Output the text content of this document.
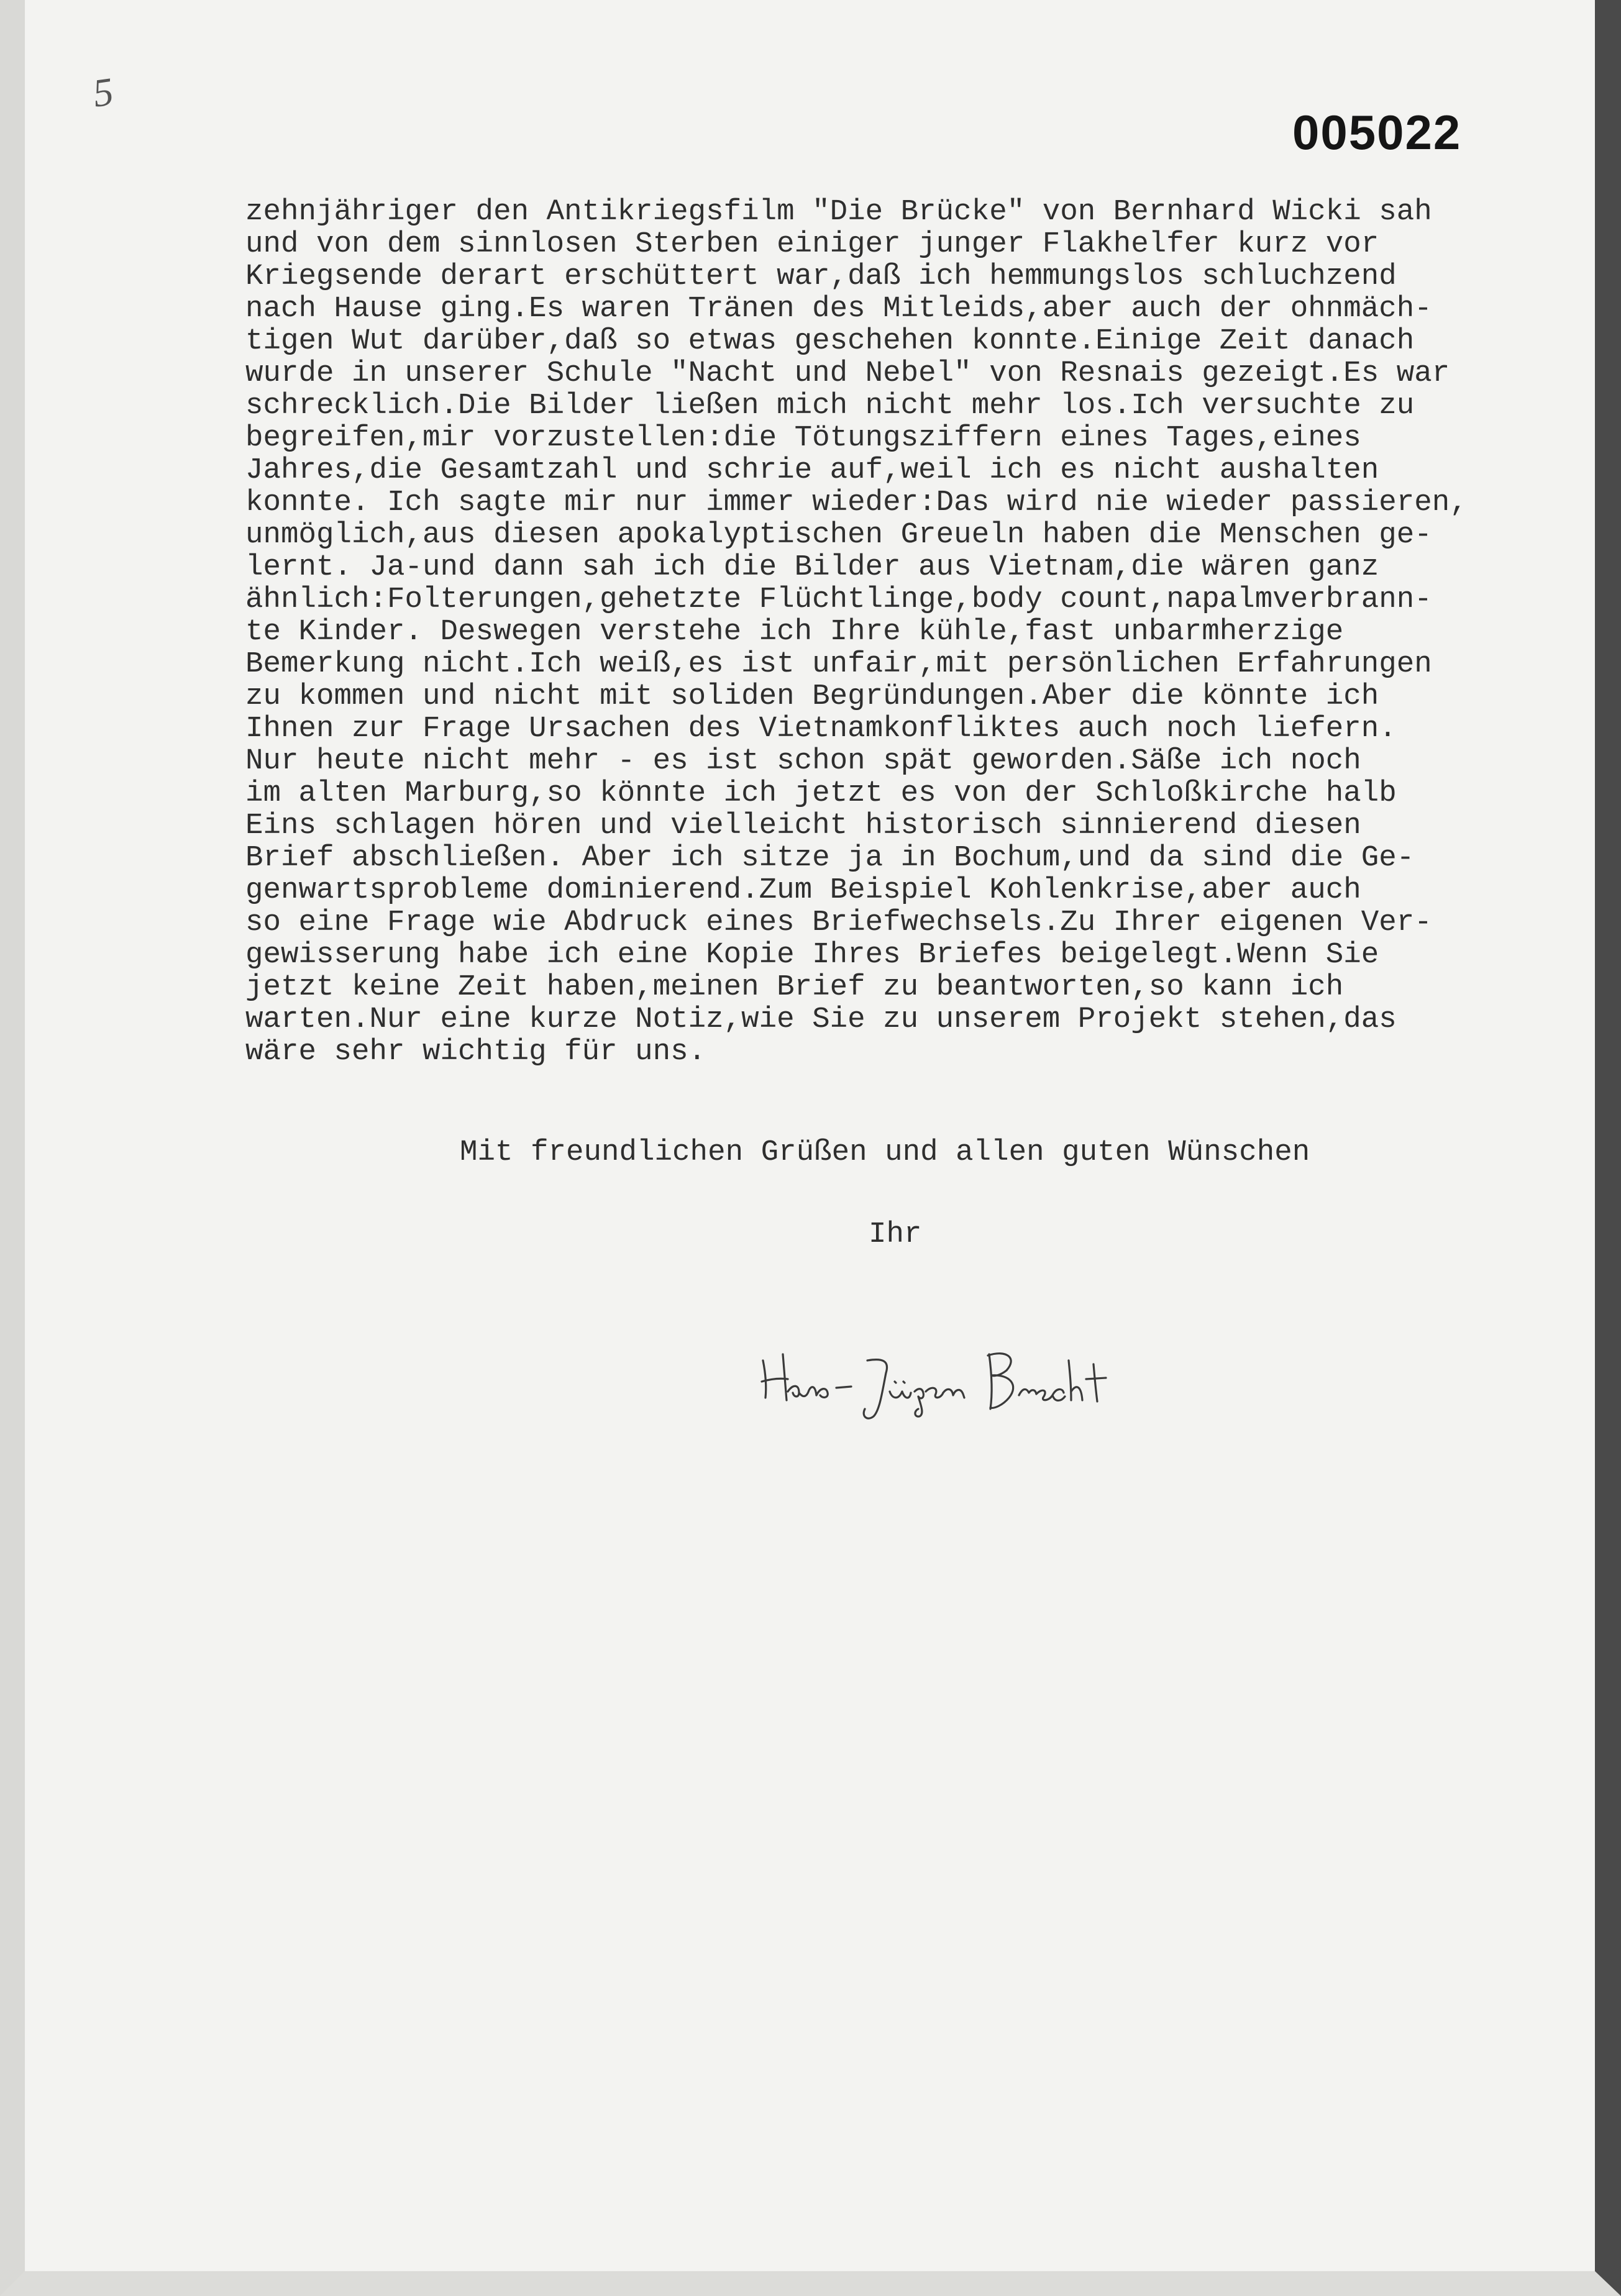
5
005022
zehnjähriger den Antikriegsfilm "Die Brücke" von Bernhard Wicki sah
und von dem sinnlosen Sterben einiger junger Flakhelfer kurz vor
Kriegsende derart erschüttert war,daß ich hemmungslos schluchzend
nach Hause ging.Es waren Tränen des Mitleids,aber auch der ohnmäch-
tigen Wut darüber,daß so etwas geschehen konnte.Einige Zeit danach
wurde in unserer Schule "Nacht und Nebel" von Resnais gezeigt.Es war
schrecklich.Die Bilder ließen mich nicht mehr los.Ich versuchte zu
begreifen,mir vorzustellen:die Tötungsziffern eines Tages,eines
Jahres,die Gesamtzahl und schrie auf,weil ich es nicht aushalten
konnte. Ich sagte mir nur immer wieder:Das wird nie wieder passieren,
unmöglich,aus diesen apokalyptischen Greueln haben die Menschen ge-
lernt. Ja-und dann sah ich die Bilder aus Vietnam,die wären ganz
ähnlich:Folterungen,gehetzte Flüchtlinge,body count,napalmverbrann-
te Kinder. Deswegen verstehe ich Ihre kühle,fast unbarmherzige
Bemerkung nicht.Ich weiß,es ist unfair,mit persönlichen Erfahrungen
zu kommen und nicht mit soliden Begründungen.Aber die könnte ich
Ihnen zur Frage Ursachen des Vietnamkonfliktes auch noch liefern.
Nur heute nicht mehr - es ist schon spät geworden.Säße ich noch
im alten Marburg,so könnte ich jetzt es von der Schloßkirche halb
Eins schlagen hören und vielleicht historisch sinnierend diesen
Brief abschließen. Aber ich sitze ja in Bochum,und da sind die Ge-
genwartsprobleme dominierend.Zum Beispiel Kohlenkrise,aber auch
so eine Frage wie Abdruck eines Briefwechsels.Zu Ihrer eigenen Ver-
gewisserung habe ich eine Kopie Ihres Briefes beigelegt.Wenn Sie
jetzt keine Zeit haben,meinen Brief zu beantworten,so kann ich
warten.Nur eine kurze Notiz,wie Sie zu unserem Projekt stehen,das
wäre sehr wichtig für uns.
Mit freundlichen Grüßen und allen guten Wünschen
Ihr
